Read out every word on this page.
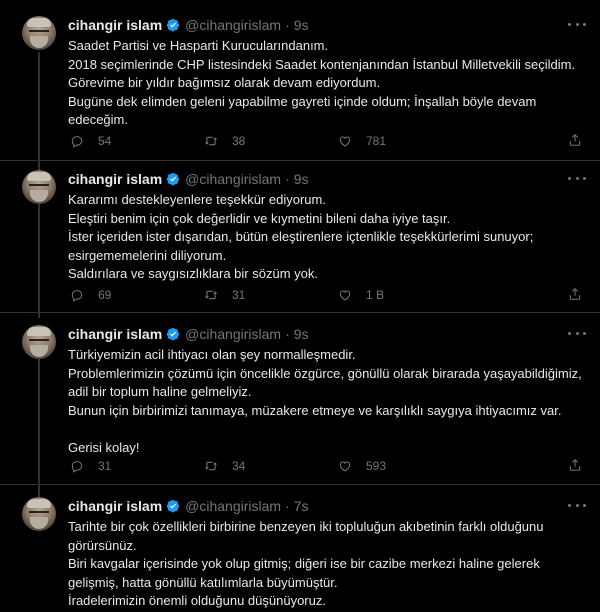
cihangir islam @cihangirislam · 9s
Saadet Partisi ve Hasparti Kurucularındanım.
2018 seçimlerinde CHP listesindeki Saadet kontenjanından İstanbul Milletvekili seçildim.
Görevime bir yıldır bağımsız olarak devam ediyordum.
Bugüne dek elimden geleni yapabilme gayreti içinde oldum; İnşallah böyle devam
edeceğim.
54	38	781
cihangir islam @cihangirislam · 9s
Kararımı destekleyenlere teşekkür ediyorum.
Eleştiri benim için çok değerlidir ve kıymetini bileni daha iyiye taşır.
İster içeriden ister dışarıdan, bütün eleştirenlere içtenlikle teşekkürlerimi sunuyor;
esirgememelerini diliyorum.
Saldırılara ve saygısızlıklara bir sözüm yok.
69	31	1 B
cihangir islam @cihangirislam · 9s
Türkiyemizin acil ihtiyacı olan şey normalleşmedir.
Problemlerimizin çözümü için öncelikle özgürce, gönüllü olarak birarada yaşayabildiğimiz,
adil bir toplum haline gelmeliyiz.
Bunun için birbirimizi tanımaya, müzakere etmeye ve karşılıklı saygıya ihtiyacımız var.
Gerisi kolay!
31	34	593
cihangir islam @cihangirislam · 7s
Tarihte bir çok özellikleri birbirine benzeyen iki topluluğun akıbetinin farklı olduğunu
görürsünüz.
Biri kavgalar içerisinde yok olup gitmiş; diğeri ise bir cazibe merkezi haline gelerek
gelişmiş, hatta gönüllü katılımlarla büyümüştür.
İradelerimizin önemli olduğunu düşünüyoruz.
